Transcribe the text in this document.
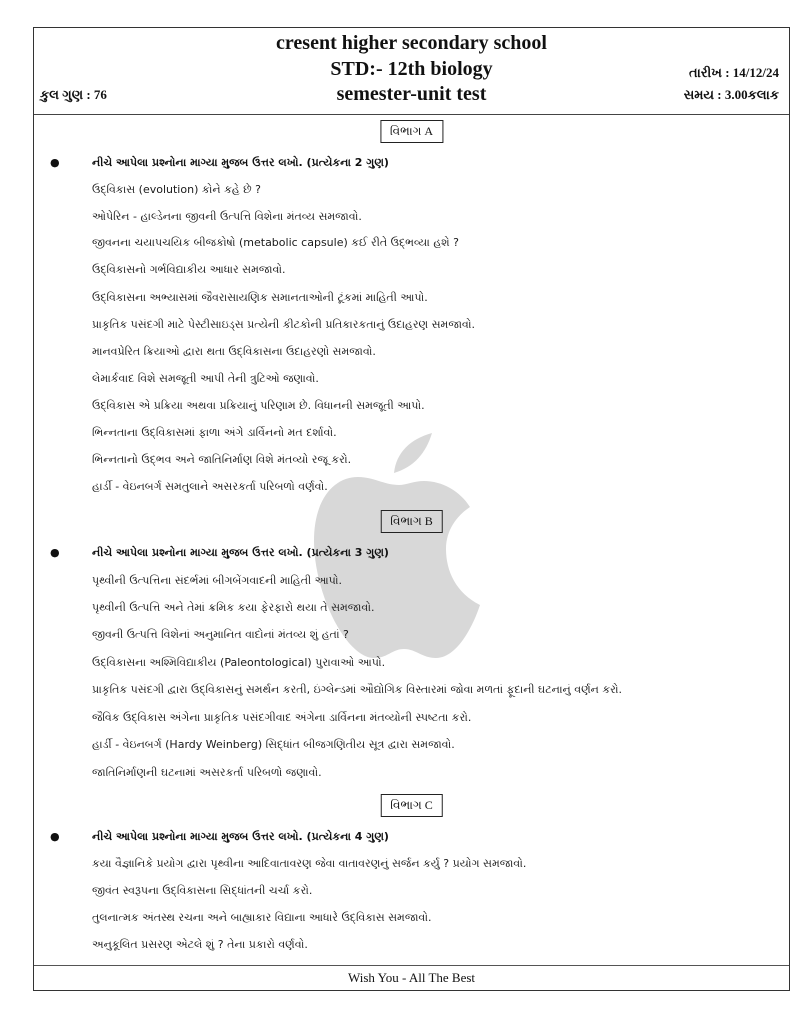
cresent higher secondary school
STD:- 12th biology
semester-unit test
કુલ ગુણ : 76
તારીખ : 14/12/24
સમય : 3.00કલાક
વિભાગ A
●	નીચે આપેલા પ્રશ્નોના માગ્યા મુજબ ઉત્તર લખો. (પ્રત્યેકના 2 ગુણ)
ઉદ્‌વિકાસ (evolution) કોને કહે છે ?
ઓપેરિન - હાલ્ડેનના જીવની ઉત્પત્તિ વિશેના મંતવ્ય સમજાવો.
જીવનના ચયાપચયિક બીજકોષો (metabolic capsule) કઈ રીતે ઉદ્‌ભવ્યા હશે ?
ઉદ્‌વિકાસનો ગર્ભવિદ્યાકીય આધાર સમજાવો.
ઉદ્‌વિકાસના અભ્યાસમાં જૈવરાસાયણિક સમાનતાઓની ટૂંકમાં માહિતી આપો.
પ્રાકૃતિક પસંદગી માટે પેસ્ટીસાઇડ્સ પ્રત્યેની કીટકોની પ્રતિકારકતાનું ઉદાહરણ સમજાવો.
માનવપ્રેરિત ક્રિયાઓ દ્વારા થતા ઉદ્‌વિકાસના ઉદાહરણો સમજાવો.
લેમાર્કવાદ વિશે સમજૂતી આપી તેની ત્રુટિઓ જણાવો.
ઉદ્‌વિકાસ એ પ્રક્રિયા અથવા પ્રક્રિયાનું પરિણામ છે. વિધાનની સમજૂતી આપો.
ભિન્નતાના ઉદ્‌વિકાસમાં ફાળા અંગે ડાર્વિનનો મત દર્શાવો.
ભિન્નતાનો ઉદ્‌ભવ અને જાતિનિર્માણ વિશે મંતવ્યો રજૂ કરો.
હાર્ડી - વેઇનબર્ગ સમતુલાને અસરકર્તા પરિબળો વર્ણવો.
વિભાગ B
●	નીચે આપેલા પ્રશ્નોના માગ્યા મુજબ ઉત્તર લખો. (પ્રત્યેકના 3 ગુણ)
પૃથ્વીની ઉત્પત્તિના સંદર્ભમાં બીગબેંગવાદની માહિતી આપો.
પૃથ્વીની ઉત્પત્તિ અને તેમાં ક્રમિક કયા ફેરફારો થયા તે સમજાવો.
જીવની ઉત્પત્તિ વિશેનાં અનુમાનિત વાદોનાં મંતવ્ય શું હતાં ?
ઉદ્‌વિકાસના અશ્મિવિદ્યાકીય (Paleontological) પુરાવાઓ આપો.
પ્રાકૃતિક પસંદગી દ્વારા ઉદ્‌વિકાસનું સમર્થન કરતી, ઇંગ્લેન્ડમાં ઔદ્યોગિક વિસ્તારમાં જોવા મળતાં ફૂદાની ઘટનાનું વર્ણન કરો.
જૈવિક ઉદ્‌વિકાસ અંગેના પ્રાકૃતિક પસંદગીવાદ અંગેના ડાર્વિનના મંતવ્યોની સ્પષ્ટતા કરો.
હાર્ડી - વેઇનબર્ગ (Hardy Weinberg) સિદ્ધાંત બીજગણિતીય સૂત્ર દ્વારા સમજાવો.
જાતિનિર્માણની ઘટનામાં અસરકર્તા પરિબળો જણાવો.
વિભાગ C
●	નીચે આપેલા પ્રશ્નોના માગ્યા મુજબ ઉત્તર લખો. (પ્રત્યેકના 4 ગુણ)
કયા વૈજ્ઞાનિકે પ્રયોગ દ્વારા પૃથ્વીના આદિવાતાવરણ જેવા વાતાવરણનું સર્જન કર્યુ ? પ્રયોગ સમજાવો.
જીવંત સ્વરૂપના ઉદ્‌વિકાસના સિદ્ધાંતની ચર્ચા કરો.
તુલનાત્મક અંતસ્થ રચના અને બાહ્યાકાર વિદ્યાના આધારે ઉદ્‌વિકાસ સમજાવો.
અનુકૂલિત પ્રસરણ એટલે શું ? તેના પ્રકારો વર્ણવો.
Wish You - All The Best
